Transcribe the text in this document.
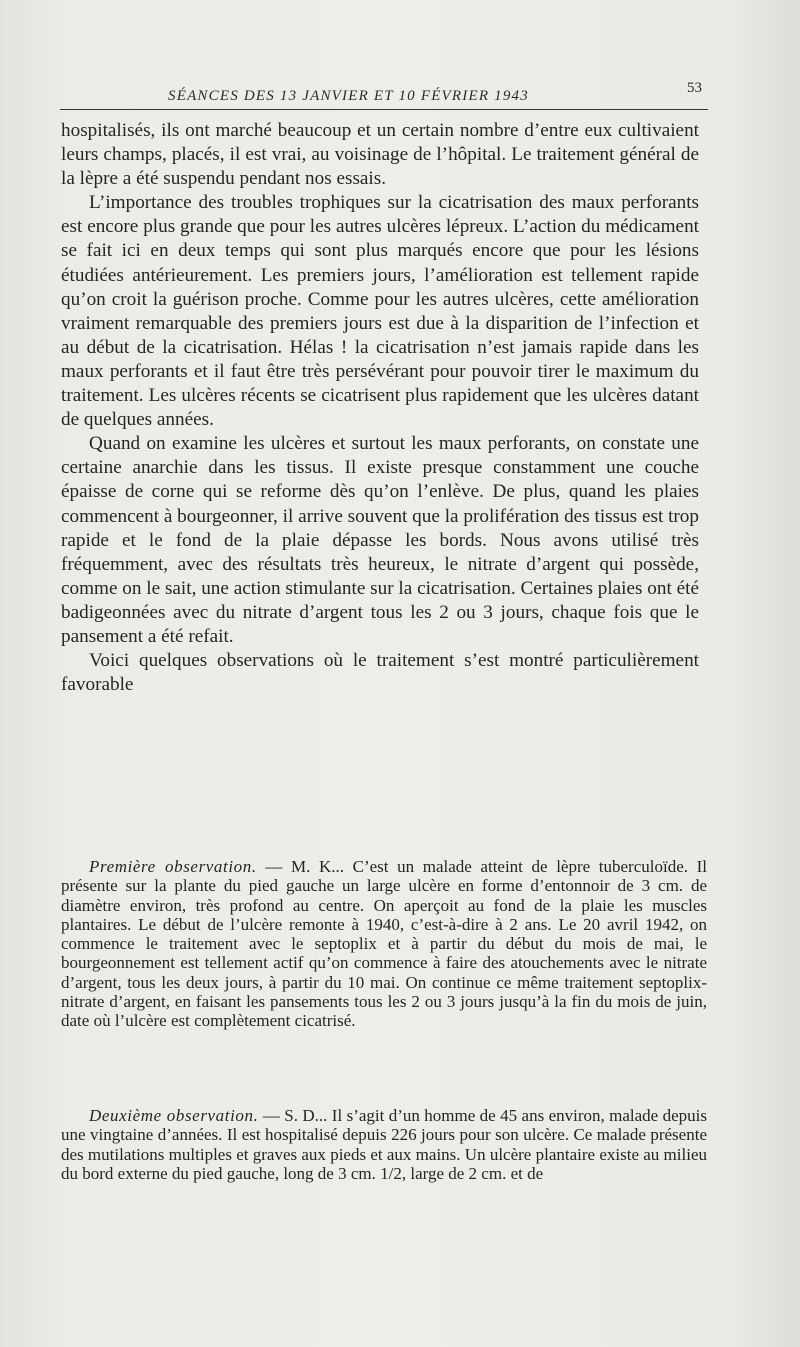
SÉANCES DES 13 JANVIER ET 10 FÉVRIER 1943	53

hospitalisés, ils ont marché beaucoup et un certain nombre d’entre eux cultivaient leurs champs, placés, il est vrai, au voisinage de l’hôpital. Le traitement général de la lèpre a été suspendu pendant nos essais.

L’importance des troubles trophiques sur la cicatrisation des maux perforants est encore plus grande que pour les autres ulcères lépreux. L’action du médicament se fait ici en deux temps qui sont plus marqués encore que pour les lésions étudiées antérieurement. Les premiers jours, l’amélioration est tellement rapide qu’on croit la guérison proche. Comme pour les autres ulcères, cette amélioration vraiment remarquable des premiers jours est due à la disparition de l’infection et au début de la cicatrisation. Hélas ! la cicatrisation n’est jamais rapide dans les maux perforants et il faut être très persévérant pour pouvoir tirer le maximum du traitement. Les ulcères récents se cicatrisent plus rapidement que les ulcères datant de quelques années.

Quand on examine les ulcères et surtout les maux perforants, on constate une certaine anarchie dans les tissus. Il existe presque constamment une couche épaisse de corne qui se reforme dès qu’on l’enlève. De plus, quand les plaies commencent à bourgeonner, il arrive souvent que la prolifération des tissus est trop rapide et le fond de la plaie dépasse les bords. Nous avons utilisé très fréquemment, avec des résultats très heureux, le nitrate d’argent qui possède, comme on le sait, une action stimulante sur la cicatrisation. Certaines plaies ont été badigeonnées avec du nitrate d’argent tous les 2 ou 3 jours, chaque fois que le pansement a été refait.

Voici quelques observations où le traitement s’est montré particulièrement favorable

Première observation. — M. K... C’est un malade atteint de lèpre tuberculoïde. Il présente sur la plante du pied gauche un large ulcère en forme d’entonnoir de 3 cm. de diamètre environ, très profond au centre. On aperçoit au fond de la plaie les muscles plantaires. Le début de l’ulcère remonte à 1940, c’est-à-dire à 2 ans. Le 20 avril 1942, on commence le traitement avec le septoplix et à partir du début du mois de mai, le bourgeonnement est tellement actif qu’on commence à faire des atouchements avec le nitrate d’argent, tous les deux jours, à partir du 10 mai. On continue ce même traitement septoplix-nitrate d’argent, en faisant les pansements tous les 2 ou 3 jours jusqu’à la fin du mois de juin, date où l’ulcère est complètement cicatrisé.

Deuxième observation. — S. D... Il s’agit d’un homme de 45 ans environ, malade depuis une vingtaine d’années. Il est hospitalisé depuis 226 jours pour son ulcère. Ce malade présente des mutilations multiples et graves aux pieds et aux mains. Un ulcère plantaire existe au milieu du bord externe du pied gauche, long de 3 cm. 1/2, large de 2 cm. et de
